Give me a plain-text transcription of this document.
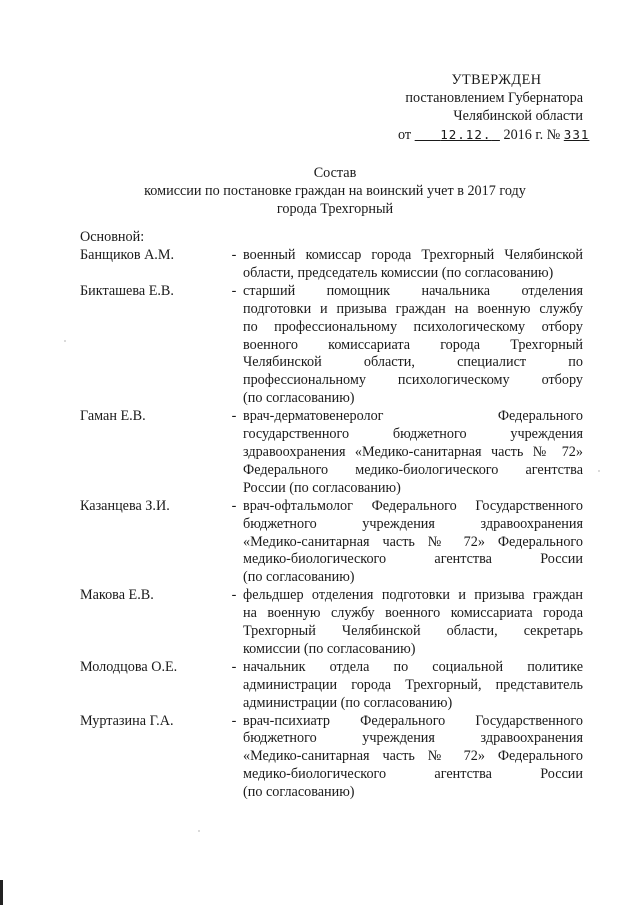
УТВЕРЖДЕН
постановлением Губернатора
Челябинской области
от 12.12. 2016 г. № 331
Состав
комиссии по постановке граждан на воинский учет в 2017 году
города Трехгорный
Основной:
Банщиков А.М.	- военный комиссар города Трехгорный Челябинской
области, председатель комиссии (по согласованию)
Бикташева Е.В.	- старший помощник начальника отделения
подготовки и призыва граждан на военную службу
по профессиональному психологическому отбору
военного комиссариата города Трехгорный
Челябинской области, специалист по
профессиональному психологическому отбору
(по согласованию)
Гаман Е.В.	- врач-дерматовенеролог Федерального
государственного бюджетного учреждения
здравоохранения «Медико-санитарная часть № 72»
Федерального медико-биологического агентства
России (по согласованию)
Казанцева З.И.	- врач-офтальмолог Федерального Государственного
бюджетного учреждения здравоохранения
«Медико-санитарная часть № 72» Федерального
медико-биологического агентства России
(по согласованию)
Макова Е.В.	- фельдшер отделения подготовки и призыва граждан
на военную службу военного комиссариата города
Трехгорный Челябинской области, секретарь
комиссии (по согласованию)
Молодцова О.Е.	- начальник отдела по социальной политике
администрации города Трехгорный, представитель
администрации (по согласованию)
Муртазина Г.А.	- врач-психиатр Федерального Государственного
бюджетного учреждения здравоохранения
«Медико-санитарная часть № 72» Федерального
медико-биологического агентства России
(по согласованию)
